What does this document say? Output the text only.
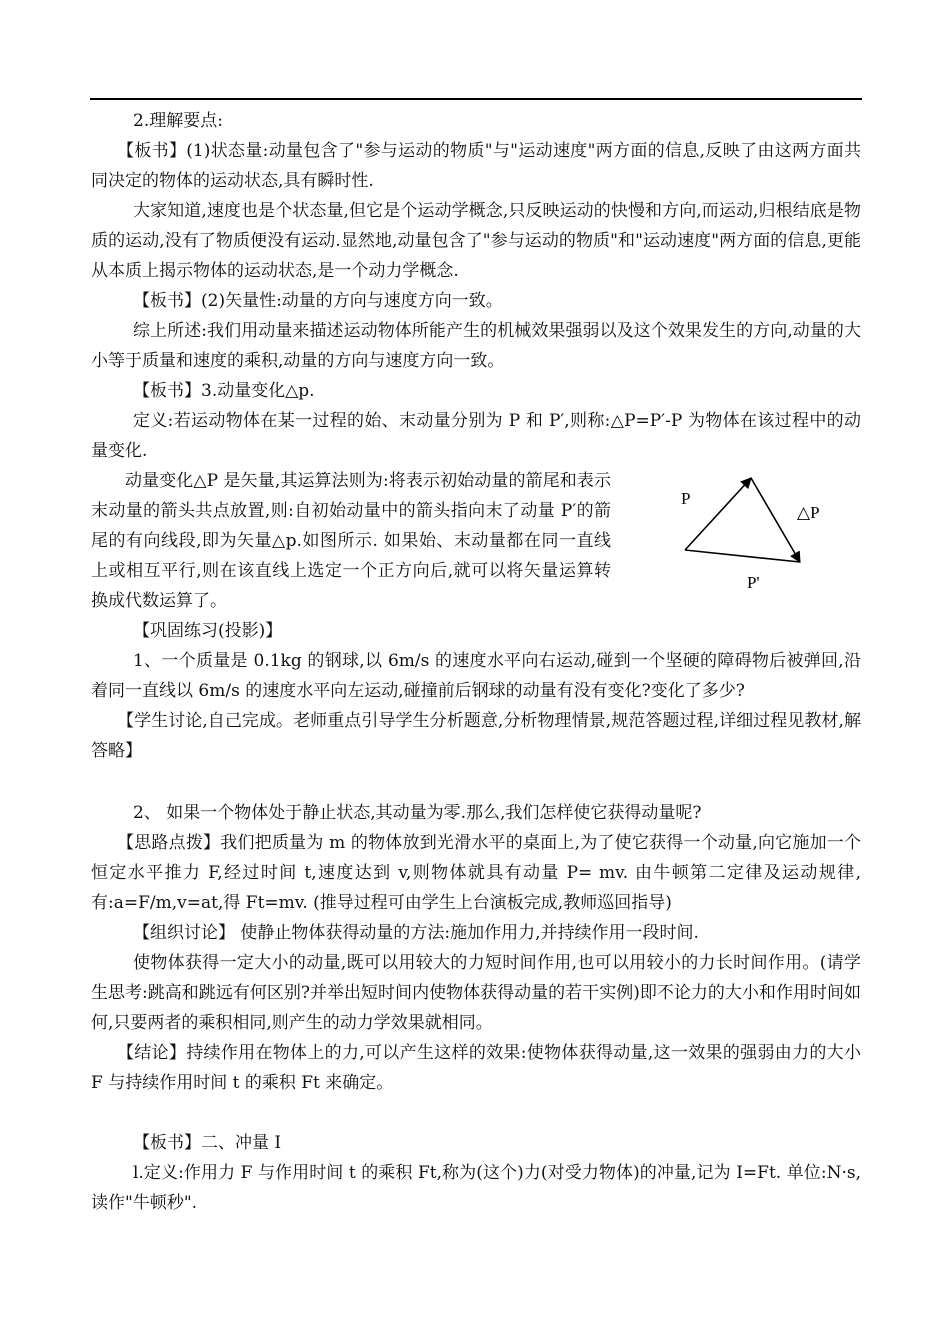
2.理解要点:

【板书】(1)状态量:动量包含了"参与运动的物质"与"运动速度"两方面的信息,反映了由这两方面共同决定的物体的运动状态,具有瞬时性.

大家知道,速度也是个状态量,但它是个运动学概念,只反映运动的快慢和方向,而运动,归根结底是物质的运动,没有了物质便没有运动.显然地,动量包含了"参与运动的物质"和"运动速度"两方面的信息,更能从本质上揭示物体的运动状态,是一个动力学概念.

【板书】(2)矢量性:动量的方向与速度方向一致。

综上所述:我们用动量来描述运动物体所能产生的机械效果强弱以及这个效果发生的方向,动量的大小等于质量和速度的乘积,动量的方向与速度方向一致。

【板书】3.动量变化△p.

定义:若运动物体在某一过程的始、末动量分别为 P 和 P′,则称:△P=P′-P 为物体在该过程中的动量变化.

动量变化△P 是矢量,其运算法则为:将表示初始动量的箭尾和表示末动量的箭头共点放置,则:自初始动量中的箭头指向末了动量 P′的箭尾的有向线段,即为矢量△p.如图所示. 如果始、末动量都在同一直线上或相互平行,则在该直线上选定一个正方向后,就可以将矢量运算转换成代数运算了。

P
△P
P'

【巩固练习(投影)】

1、一个质量是 0.1kg 的钢球,以 6m/s 的速度水平向右运动,碰到一个坚硬的障碍物后被弹回,沿着同一直线以 6m/s 的速度水平向左运动,碰撞前后钢球的动量有没有变化?变化了多少?

【学生讨论,自己完成。老师重点引导学生分析题意,分析物理情景,规范答题过程,详细过程见教材,解答略】

2、 如果一个物体处于静止状态,其动量为零.那么,我们怎样使它获得动量呢?

【思路点拨】我们把质量为 m 的物体放到光滑水平的桌面上,为了使它获得一个动量,向它施加一个恒定水平推力 F,经过时间 t,速度达到 v,则物体就具有动量 P= mv. 由牛顿第二定律及运动规律,有:a=F/m,v=at,得 Ft=mv. (推导过程可由学生上台演板完成,教师巡回指导)

【组织讨论】 使静止物体获得动量的方法:施加作用力,并持续作用一段时间.

使物体获得一定大小的动量,既可以用较大的力短时间作用,也可以用较小的力长时间作用。(请学生思考:跳高和跳远有何区别?并举出短时间内使物体获得动量的若干实例)即不论力的大小和作用时间如何,只要两者的乘积相同,则产生的动力学效果就相同。

【结论】持续作用在物体上的力,可以产生这样的效果:使物体获得动量,这一效果的强弱由力的大小 F 与持续作用时间 t 的乘积 Ft 来确定。

【板书】二、冲量 I

l.定义:作用力 F 与作用时间 t 的乘积 Ft,称为(这个)力(对受力物体)的冲量,记为 I=Ft. 单位:N·s,读作"牛顿秒".
